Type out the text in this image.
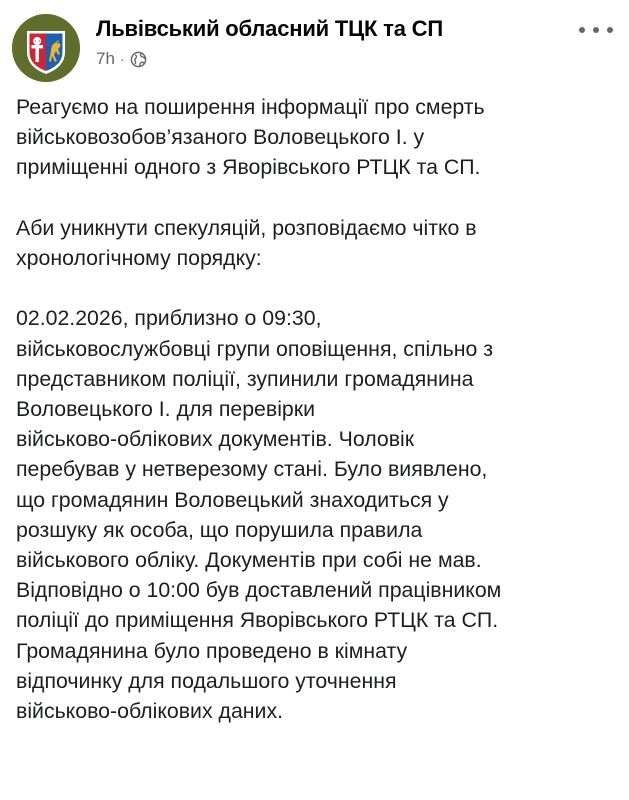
Львівський обласний ТЦК та СП
7h ·

Реагуємо на поширення інформації про смерть
військовозобов’язаного Воловецького І. у
приміщенні одного з Яворівського РТЦК та СП.

Аби уникнути спекуляцій, розповідаємо чітко в
хронологічному порядку:

02.02.2026, приблизно о 09:30,
військовослужбовці групи оповіщення, спільно з
представником поліції, зупинили громадянина
Воловецького І. для перевірки
військово-облікових документів. Чоловік
перебував у нетверезому стані. Було виявлено,
що громадянин Воловецький знаходиться у
розшуку як особа, що порушила правила
військового обліку. Документів при собі не мав.
Відповідно о 10:00 був доставлений працівником
поліції до приміщення Яворівського РТЦК та СП.
Громадянина було проведено в кімнату
відпочинку для подальшого уточнення
військово-облікових даних.
